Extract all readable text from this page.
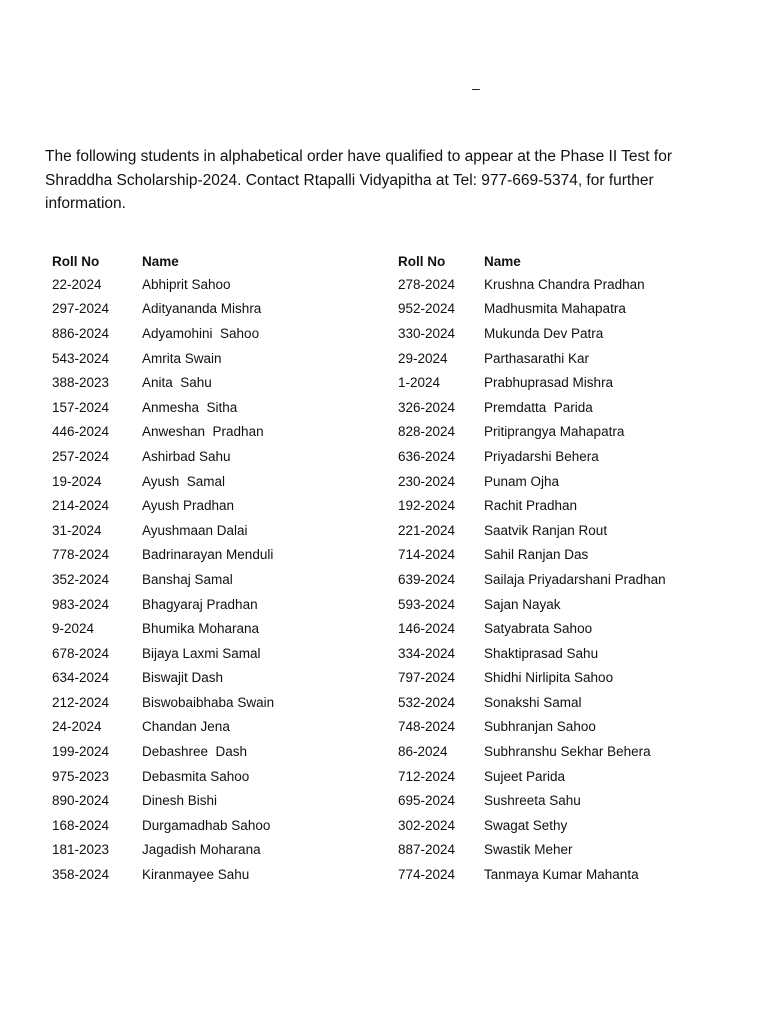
–

The following students in alphabetical order have qualified to appear at the Phase II Test for Shraddha Scholarship-2024. Contact Rtapalli Vidyapitha at Tel: 977-669-5374, for further information.

Roll No	Name
22-2024	Abhiprit Sahoo
297-2024	Adityananda Mishra
886-2024	Adyamohini  Sahoo
543-2024	Amrita Swain
388-2023	Anita  Sahu
157-2024	Anmesha  Sitha
446-2024	Anweshan  Pradhan
257-2024	Ashirbad Sahu
19-2024	Ayush  Samal
214-2024	Ayush Pradhan
31-2024	Ayushmaan Dalai
778-2024	Badrinarayan Menduli
352-2024	Banshaj Samal
983-2024	Bhagyaraj Pradhan
9-2024	Bhumika Moharana
678-2024	Bijaya Laxmi Samal
634-2024	Biswajit Dash
212-2024	Biswobaibhaba Swain
24-2024	Chandan Jena
199-2024	Debashree  Dash
975-2023	Debasmita Sahoo
890-2024	Dinesh Bishi
168-2024	Durgamadhab Sahoo
181-2023	Jagadish Moharana
358-2024	Kiranmayee Sahu
Roll No	Name
278-2024	Krushna Chandra Pradhan
952-2024	Madhusmita Mahapatra
330-2024	Mukunda Dev Patra
29-2024	Parthasarathi Kar
1-2024	Prabhuprasad Mishra
326-2024	Premdatta  Parida
828-2024	Pritiprangya Mahapatra
636-2024	Priyadarshi Behera
230-2024	Punam Ojha
192-2024	Rachit Pradhan
221-2024	Saatvik Ranjan Rout
714-2024	Sahil Ranjan Das
639-2024	Sailaja Priyadarshani Pradhan
593-2024	Sajan Nayak
146-2024	Satyabrata Sahoo
334-2024	Shaktiprasad Sahu
797-2024	Shidhi Nirlipita Sahoo
532-2024	Sonakshi Samal
748-2024	Subhranjan Sahoo
86-2024	Subhranshu Sekhar Behera
712-2024	Sujeet Parida
695-2024	Sushreeta Sahu
302-2024	Swagat Sethy
887-2024	Swastik Meher
774-2024	Tanmaya Kumar Mahanta
